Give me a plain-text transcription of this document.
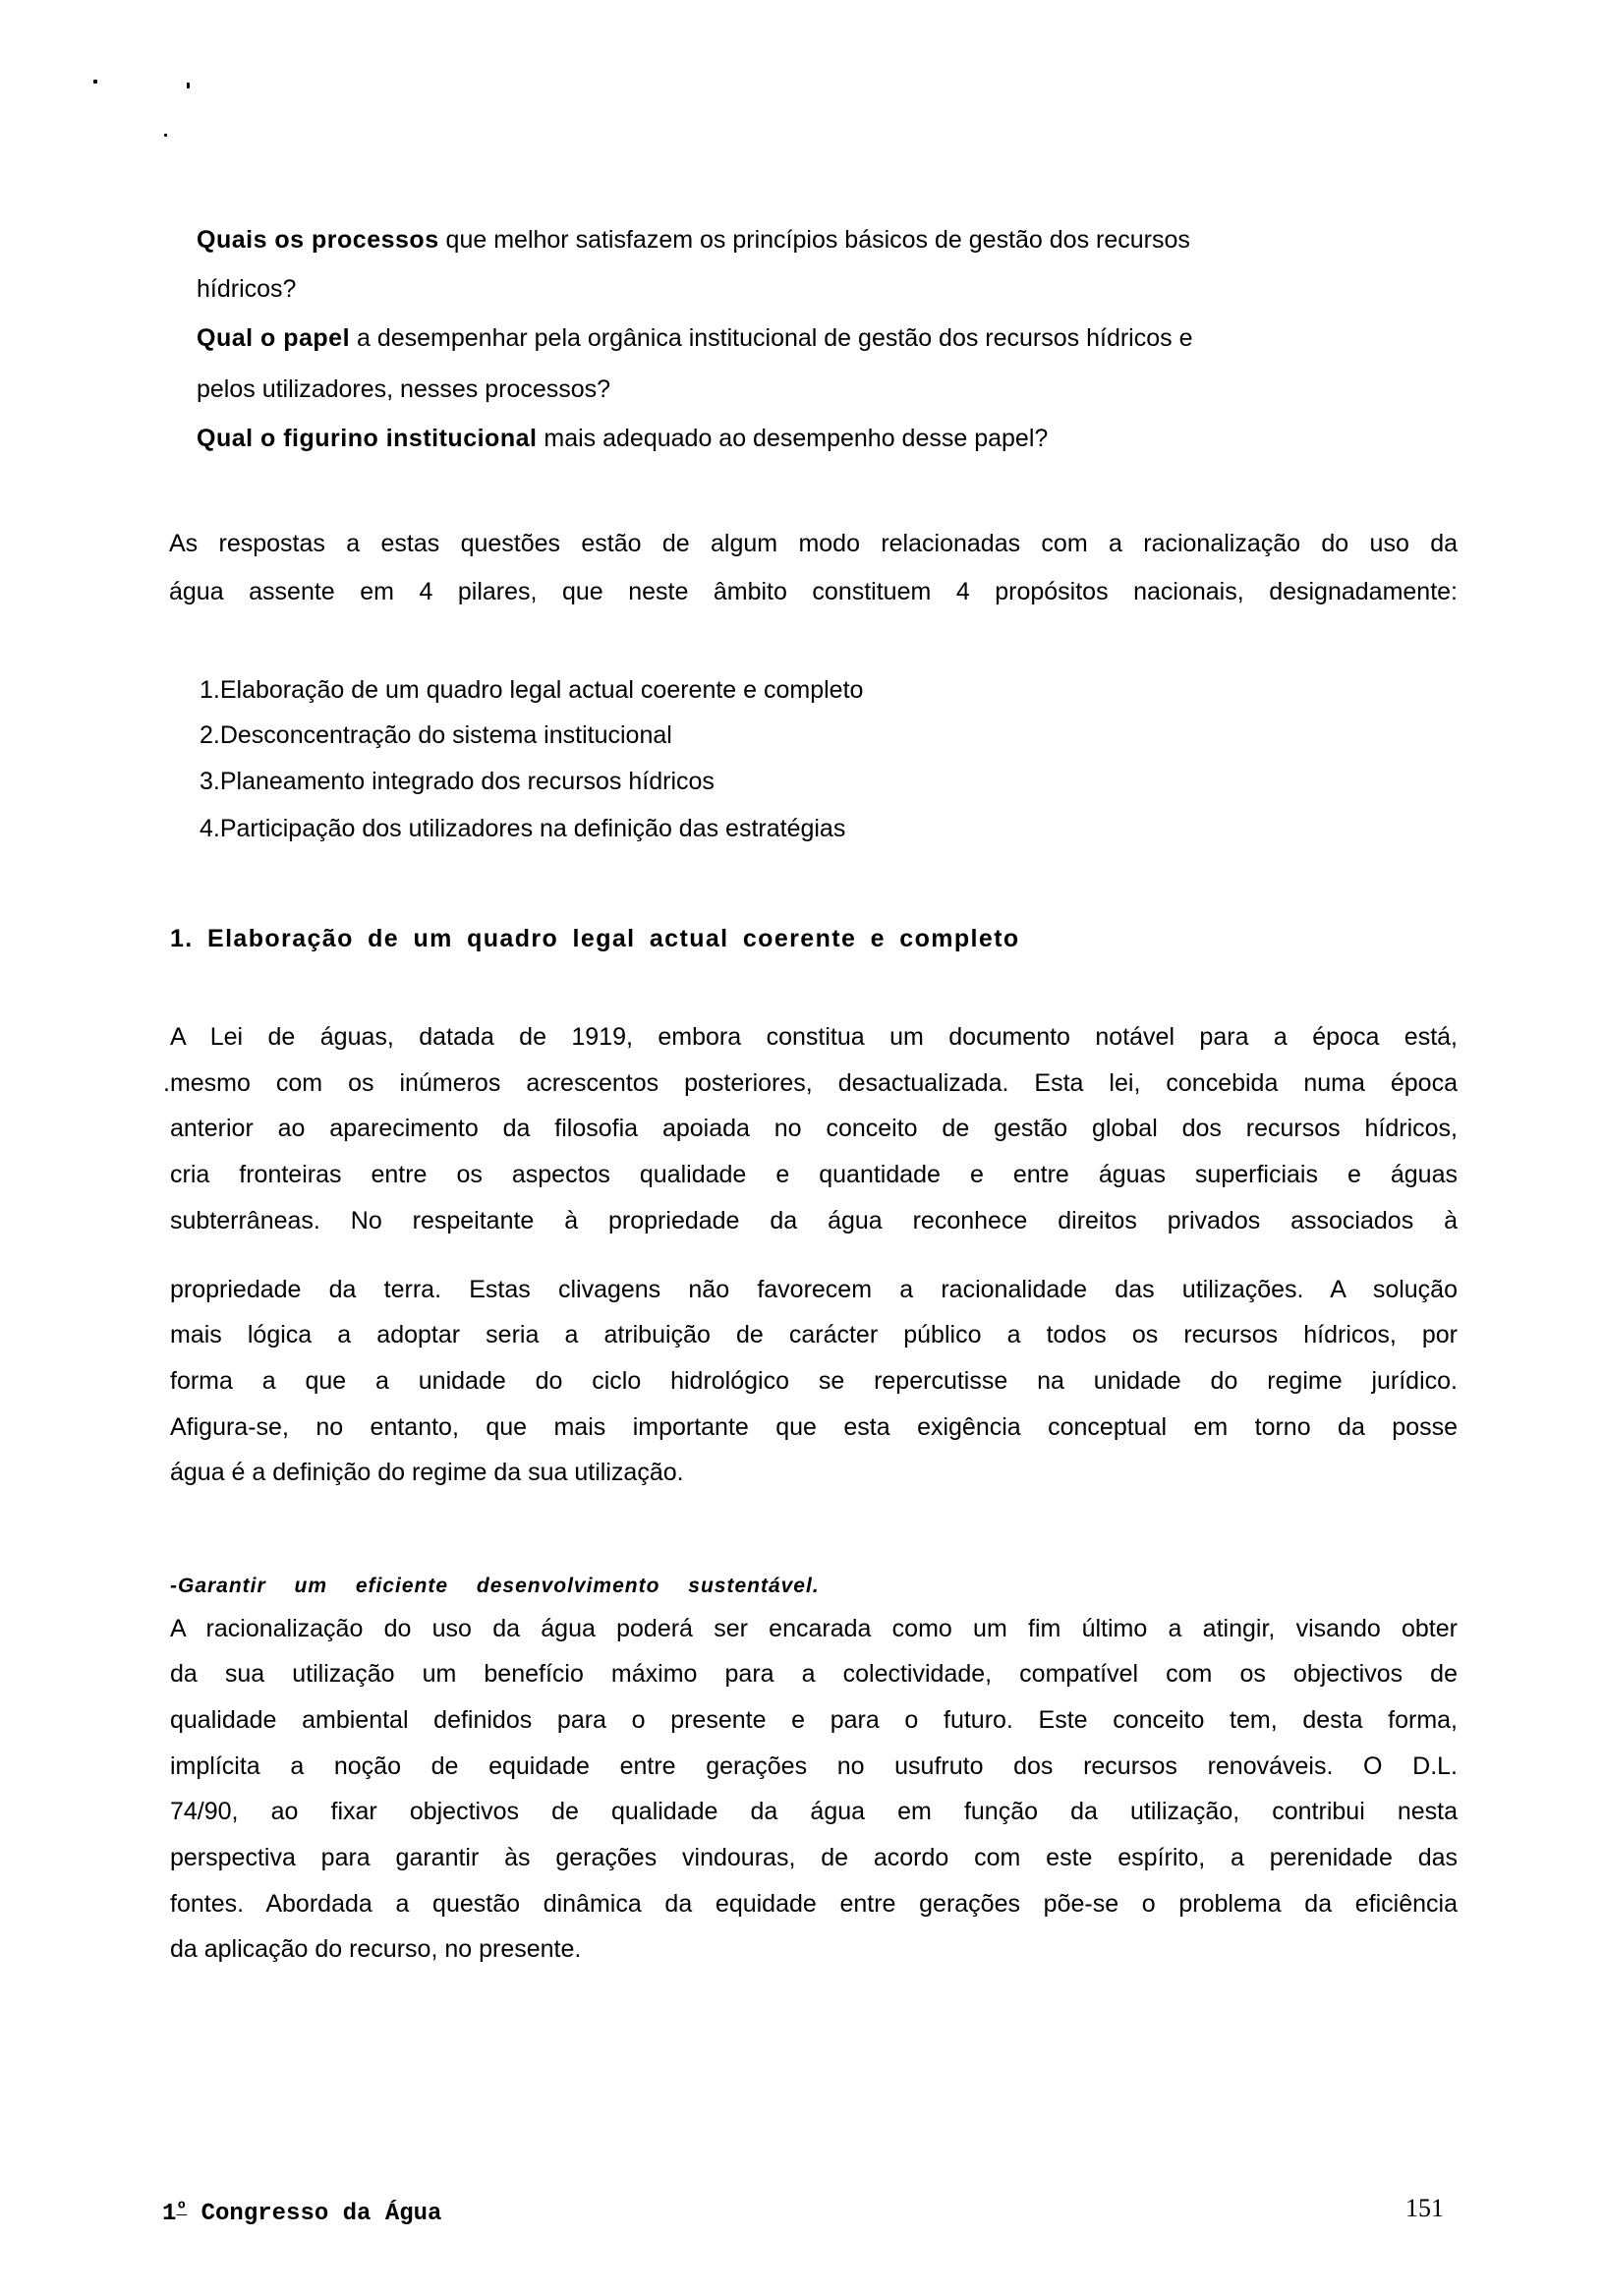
Quais os processos que melhor satisfazem os princípios básicos de gestão dos recursos
hídricos?
Qual o papel a desempenhar pela orgânica institucional de gestão dos recursos hídricos e
pelos utilizadores, nesses processos?
Qual o figurino institucional mais adequado ao desempenho desse papel?
As respostas a estas questões estão de algum modo relacionadas com a racionalização do uso da
água assente em 4 pilares, que neste âmbito constituem 4 propósitos nacionais, designadamente:
1.Elaboração de um quadro legal actual coerente e completo
2.Desconcentração do sistema institucional
3.Planeamento integrado dos recursos hídricos
4.Participação dos utilizadores na definição das estratégias
1. Elaboração de um quadro legal actual coerente e completo
A Lei de águas, datada de 1919, embora constitua um documento notável para a época está,
.mesmo com os inúmeros acrescentos posteriores, desactualizada. Esta lei, concebida numa época
anterior ao aparecimento da filosofia apoiada no conceito de gestão global dos recursos hídricos,
cria fronteiras entre os aspectos qualidade e quantidade e entre águas superficiais e águas
subterrâneas. No respeitante à propriedade da água reconhece direitos privados associados à
propriedade da terra. Estas clivagens não favorecem a racionalidade das utilizações. A solução
mais lógica a adoptar seria a atribuição de carácter público a todos os recursos hídricos, por
forma a que a unidade do ciclo hidrológico se repercutisse na unidade do regime jurídico.
Afigura-se, no entanto, que mais importante que esta exigência conceptual em torno da posse
água é a definição do regime da sua utilização.
-Garantir um eficiente desenvolvimento sustentável.
A racionalização do uso da água poderá ser encarada como um fim último a atingir, visando obter
da sua utilização um benefício máximo para a colectividade, compatível com os objectivos de
qualidade ambiental definidos para o presente e para o futuro. Este conceito tem, desta forma,
implícita a noção de equidade entre gerações no usufruto dos recursos renováveis. O D.L.
74/90, ao fixar objectivos de qualidade da água em função da utilização, contribui nesta
perspectiva para garantir às gerações vindouras, de acordo com este espírito, a perenidade das
fontes. Abordada a questão dinâmica da equidade entre gerações põe-se o problema da eficiência
da aplicação do recurso, no presente.
$1^º$ Congresso da Água	151
